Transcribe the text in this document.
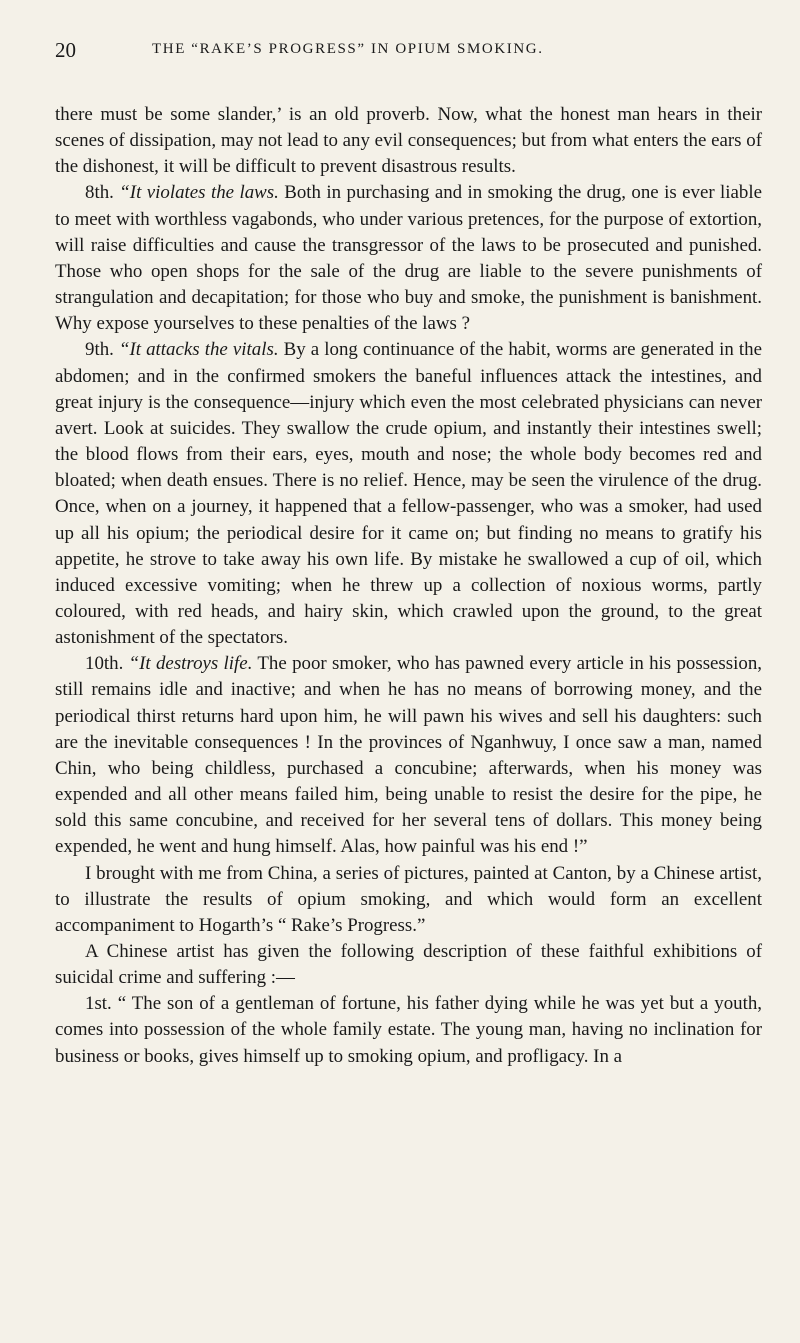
20	THE “RAKE’S PROGRESS” IN OPIUM SMOKING.

there must be some slander,’ is an old proverb. Now, what the honest man hears in their scenes of dissipation, may not lead to any evil consequences; but from what enters the ears of the dishonest, it will be difficult to prevent disastrous results.

8th. “It violates the laws. Both in purchasing and in smoking the drug, one is ever liable to meet with worthless vagabonds, who under various pretences, for the purpose of extortion, will raise difficulties and cause the transgressor of the laws to be prosecuted and punished. Those who open shops for the sale of the drug are liable to the severe punishments of strangulation and decapitation; for those who buy and smoke, the punishment is banishment. Why expose yourselves to these penalties of the laws ?

9th. “It attacks the vitals. By a long continuance of the habit, worms are generated in the abdomen; and in the confirmed smokers the baneful influences attack the intestines, and great injury is the consequence—injury which even the most celebrated physicians can never avert. Look at suicides. They swallow the crude opium, and instantly their intestines swell; the blood flows from their ears, eyes, mouth and nose; the whole body becomes red and bloated; when death ensues. There is no relief. Hence, may be seen the virulence of the drug. Once, when on a journey, it happened that a fellow-passenger, who was a smoker, had used up all his opium; the periodical desire for it came on; but finding no means to gratify his appetite, he strove to take away his own life. By mistake he swallowed a cup of oil, which induced excessive vomiting; when he threw up a collection of noxious worms, partly coloured, with red heads, and hairy skin, which crawled upon the ground, to the great astonishment of the spectators.

10th. “It destroys life. The poor smoker, who has pawned every article in his possession, still remains idle and inactive; and when he has no means of borrowing money, and the periodical thirst returns hard upon him, he will pawn his wives and sell his daughters: such are the inevitable consequences ! In the provinces of Nganhwuy, I once saw a man, named Chin, who being childless, purchased a concubine; afterwards, when his money was expended and all other means failed him, being unable to resist the desire for the pipe, he sold this same concubine, and received for her several tens of dollars. This money being expended, he went and hung himself. Alas, how painful was his end !”

I brought with me from China, a series of pictures, painted at Canton, by a Chinese artist, to illustrate the results of opium smoking, and which would form an excellent accompaniment to Hogarth’s “ Rake’s Progress.”

A Chinese artist has given the following description of these faithful exhibitions of suicidal crime and suffering :—

1st. “ The son of a gentleman of fortune, his father dying while he was yet but a youth, comes into possession of the whole family estate. The young man, having no inclination for business or books, gives himself up to smoking opium, and profligacy. In a
